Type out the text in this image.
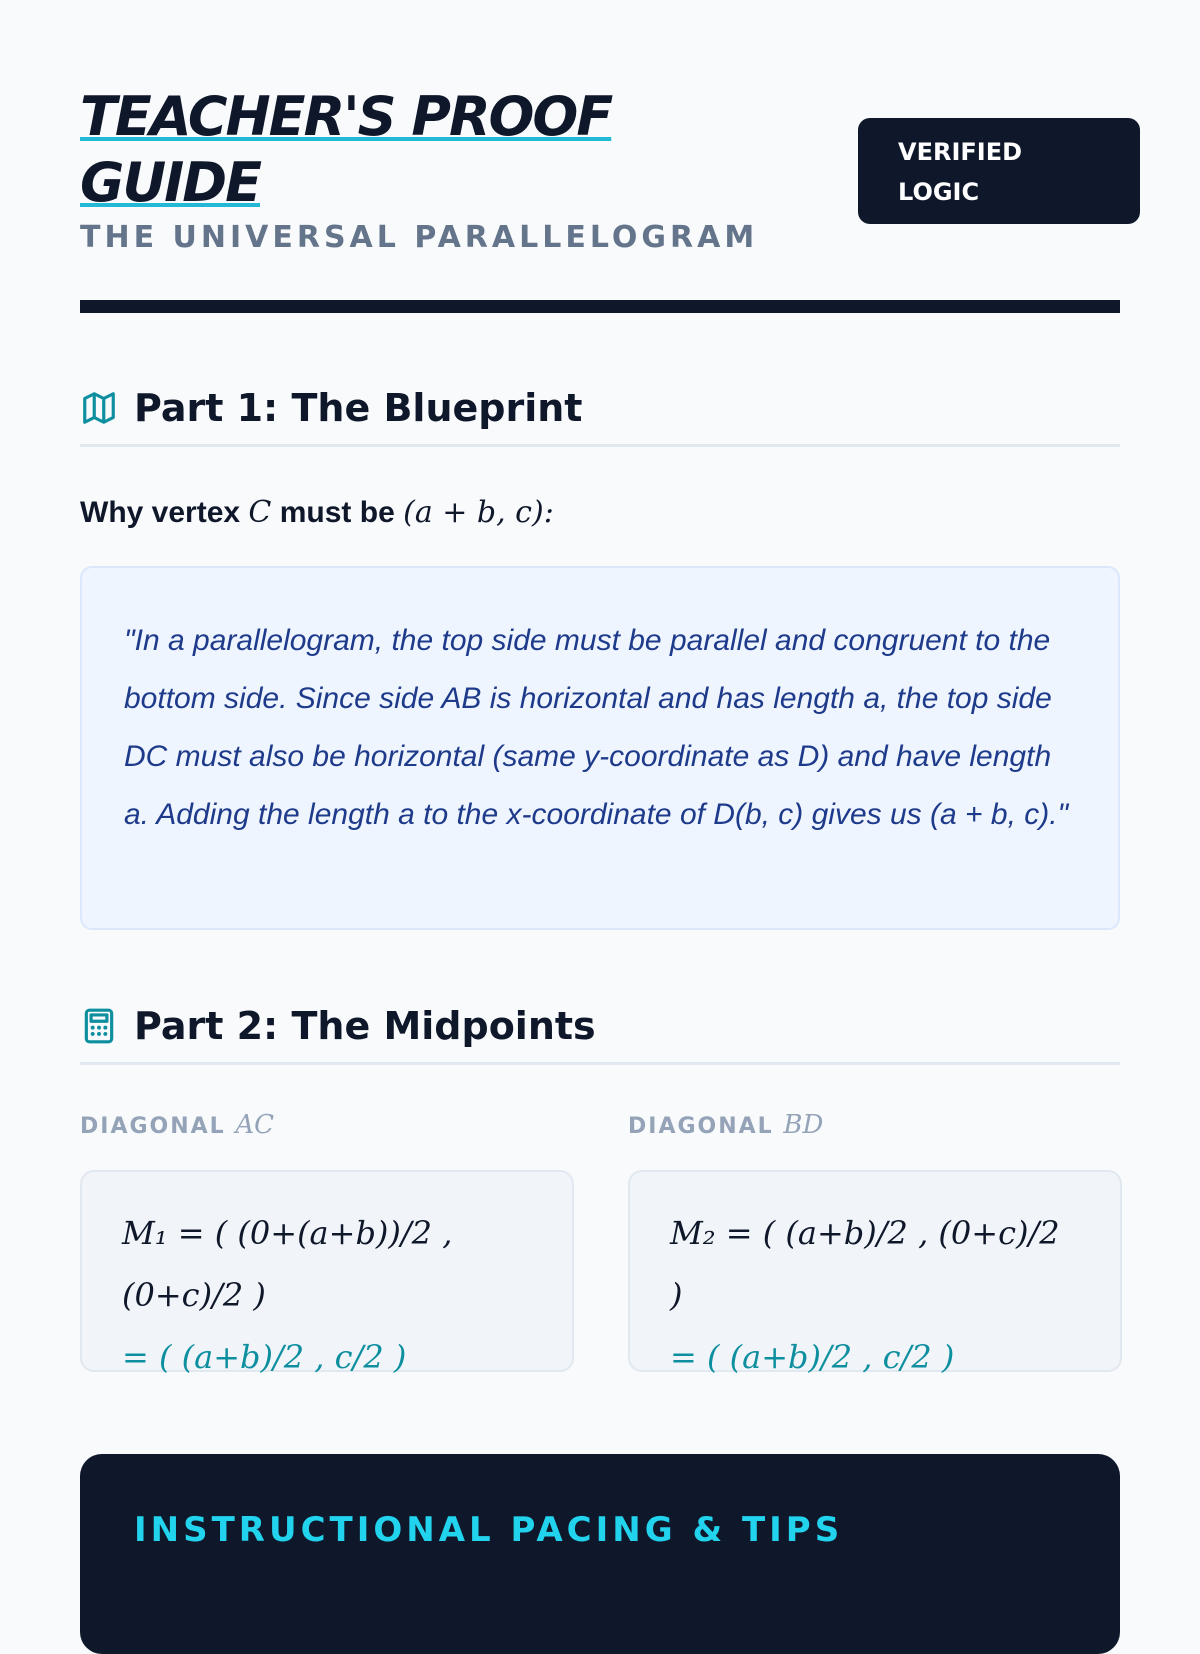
TEACHER'S PROOF
GUIDE
THE UNIVERSAL PARALLELOGRAM
VERIFIED
LOGIC
Part 1: The Blueprint
Why vertex C must be (a + b, c):

"In a parallelogram, the top side must be parallel and congruent to the bottom side. Since side AB is horizontal and has length a, the top side DC must also be horizontal (same y-coordinate as D) and have length a. Adding the length a to the x-coordinate of D(b, c) gives us (a + b, c)."

Part 2: The Midpoints
DIAGONAL AC	DIAGONAL BD
M₁ = ( (0+(a+b))/2 , (0+c)/2 )
= ( (a+b)/2 , c/2 )
M₂ = ( (a+b)/2 , (0+c)/2 )
= ( (a+b)/2 , c/2 )
INSTRUCTIONAL PACING & TIPS
